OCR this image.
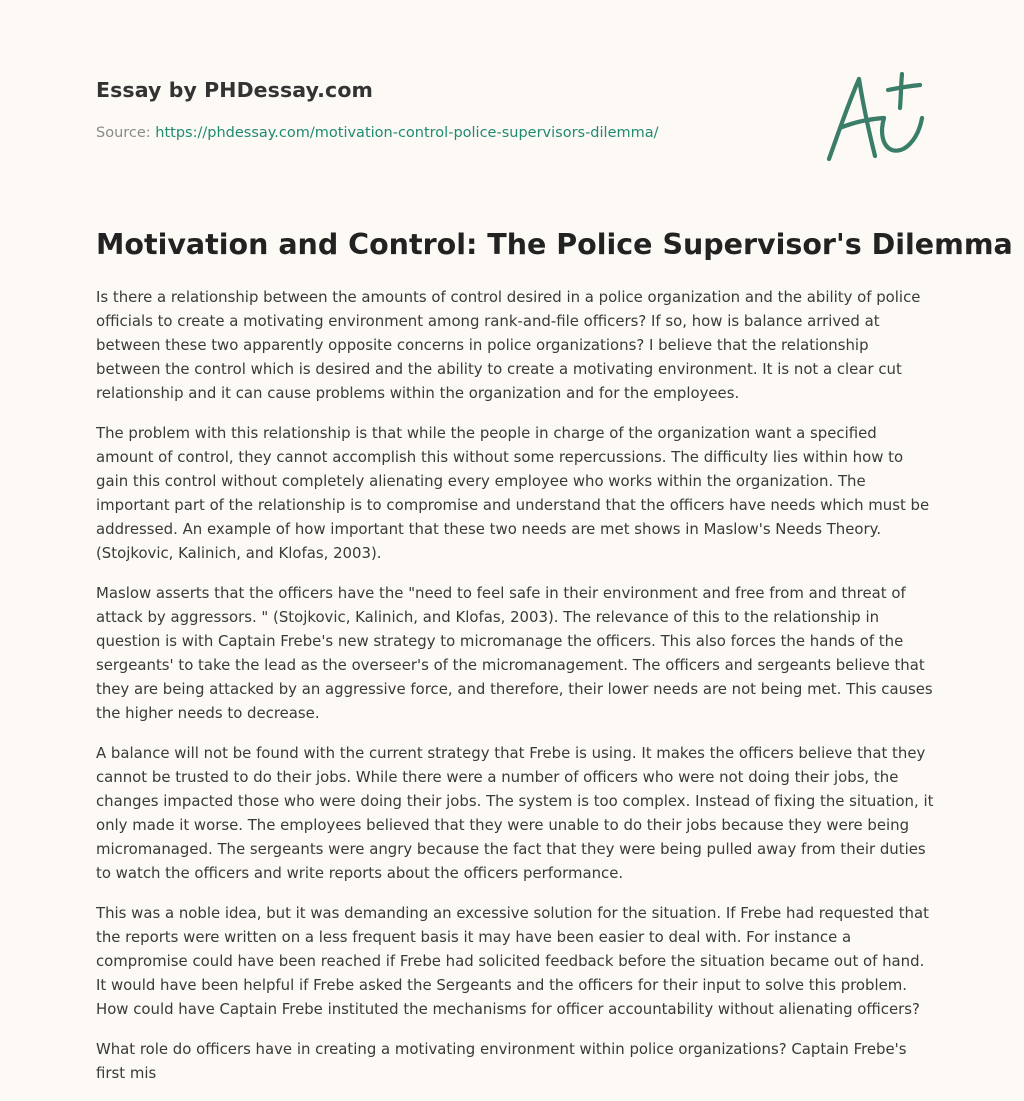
Essay by PHDessay.com
Source: https://phdessay.com/motivation-control-police-supervisors-dilemma/
Motivation and Control: The Police Supervisor's Dilemma

Is there a relationship between the amounts of control desired in a police organization and the ability of police officials to create a motivating environment among rank-and-file officers? If so, how is balance arrived at between these two apparently opposite concerns in police organizations? I believe that the relationship between the control which is desired and the ability to create a motivating environment. It is not a clear cut relationship and it can cause problems within the organization and for the employees.

The problem with this relationship is that while the people in charge of the organization want a specified amount of control, they cannot accomplish this without some repercussions. The difficulty lies within how to gain this control without completely alienating every employee who works within the organization. The important part of the relationship is to compromise and understand that the officers have needs which must be addressed. An example of how important that these two needs are met shows in Maslow's Needs Theory. (Stojkovic, Kalinich, and Klofas, 2003).

Maslow asserts that the officers have the "need to feel safe in their environment and free from and threat of attack by aggressors. " (Stojkovic, Kalinich, and Klofas, 2003). The relevance of this to the relationship in question is with Captain Frebe's new strategy to micromanage the officers. This also forces the hands of the sergeants' to take the lead as the overseer's of the micromanagement. The officers and sergeants believe that they are being attacked by an aggressive force, and therefore, their lower needs are not being met. This causes the higher needs to decrease.

A balance will not be found with the current strategy that Frebe is using. It makes the officers believe that they cannot be trusted to do their jobs. While there were a number of officers who were not doing their jobs, the changes impacted those who were doing their jobs. The system is too complex. Instead of fixing the situation, it only made it worse. The employees believed that they were unable to do their jobs because they were being micromanaged. The sergeants were angry because the fact that they were being pulled away from their duties to watch the officers and write reports about the officers performance.

This was a noble idea, but it was demanding an excessive solution for the situation. If Frebe had requested that the reports were written on a less frequent basis it may have been easier to deal with. For instance a compromise could have been reached if Frebe had solicited feedback before the situation became out of hand. It would have been helpful if Frebe asked the Sergeants and the officers for their input to solve this problem. How could have Captain Frebe instituted the mechanisms for officer accountability without alienating officers?

What role do officers have in creating a motivating environment within police organizations? Captain Frebe's first mis
